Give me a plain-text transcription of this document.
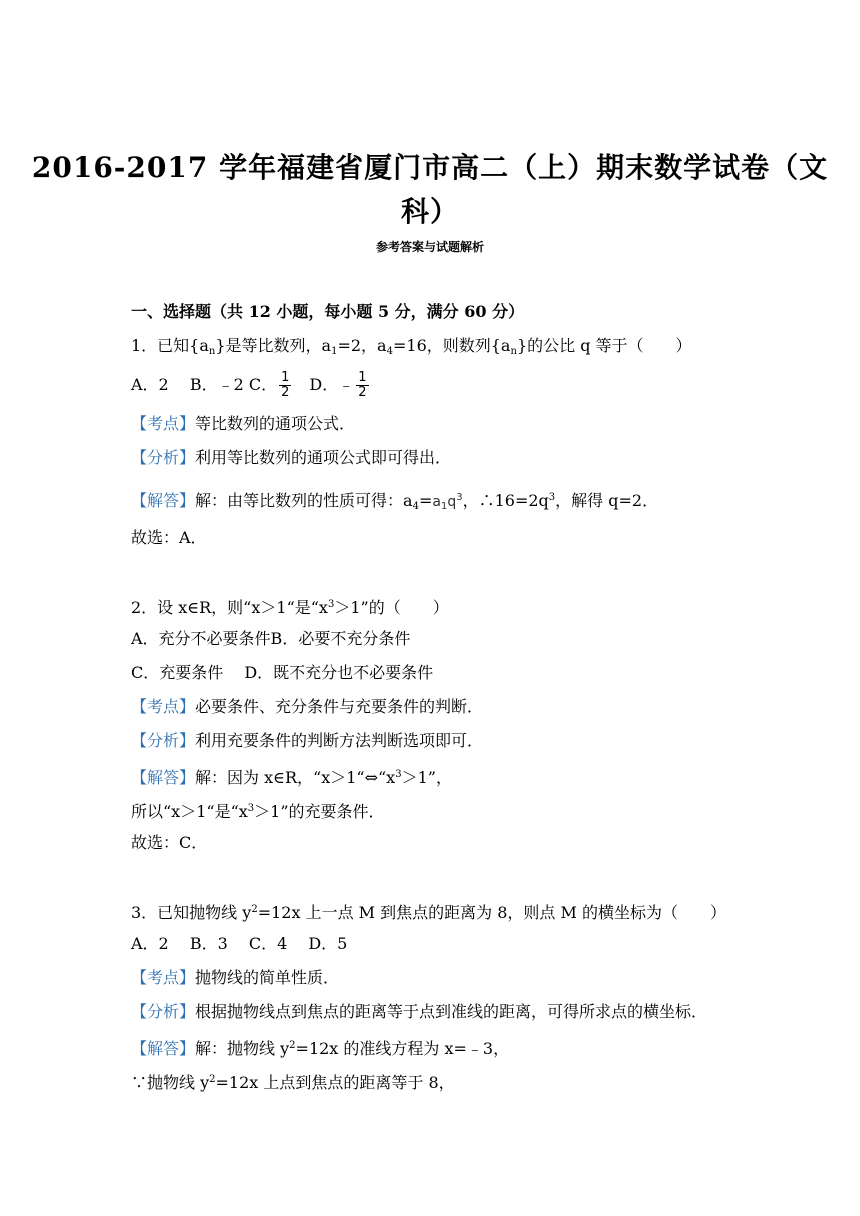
2016-2017 学年福建省厦门市高二（上）期末数学试卷（文
科）
参考答案与试题解析
一、选择题（共 12 小题，每小题 5 分，满分 60 分）
1．已知$\{a_n\}$是等比数列，$a_1=2$，$a_4=16$，则数列$\{a_n\}$的公比 q 等于（　　）
A．2　 B．﹣2 C． $\frac{1}{2}$ 　D．﹣ $\frac{1}{2}$
【考点】等比数列的通项公式．
【分析】利用等比数列的通项公式即可得出．
【解答】解：由等比数列的性质可得：$a_4=a_1q^3$，$\therefore 16=2q^3$，解得 q=2．
故选：A．
2．设 x∈R，则“x＞1“是“$x^3>1$”的（　　）
A．充分不必要条件B．必要不充分条件
C．充要条件　 D．既不充分也不必要条件
【考点】必要条件、充分条件与充要条件的判断．
【分析】利用充要条件的判断方法判断选项即可．
【解答】解：因为 x∈R，“$x>1“\Leftrightarrow“x^3>1$”，
所以“x＞1“是“$x^3>1$”的充要条件．
故选：C．
3．已知抛物线 $y^2=12x$ 上一点 M 到焦点的距离为 8，则点 M 的横坐标为（　　）
A．2　 B．3　 C．4　 D．5
【考点】抛物线的简单性质．
【分析】根据抛物线点到焦点的距离等于点到准线的距离，可得所求点的横坐标．
【解答】解：抛物线 $y^2=12x$ 的准线方程为 x=﹣3，
∵抛物线 $y^2=12x$ 上点到焦点的距离等于 8，
